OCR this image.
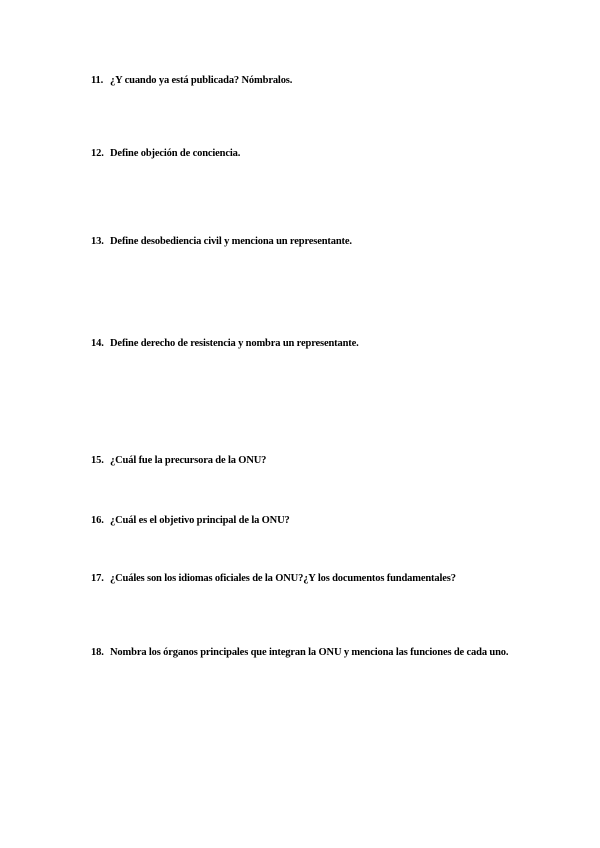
11. ¿Y cuando ya está publicada? Nómbralos.
12. Define objeción de conciencia.
13. Define desobediencia civil y menciona un representante.
14. Define derecho de resistencia y nombra un representante.
15. ¿Cuál fue la precursora de la ONU?
16. ¿Cuál es el objetivo principal de la ONU?
17. ¿Cuáles son los idiomas oficiales de la ONU?¿Y los documentos fundamentales?
18. Nombra los órganos principales que integran la ONU y menciona las funciones de cada uno.
